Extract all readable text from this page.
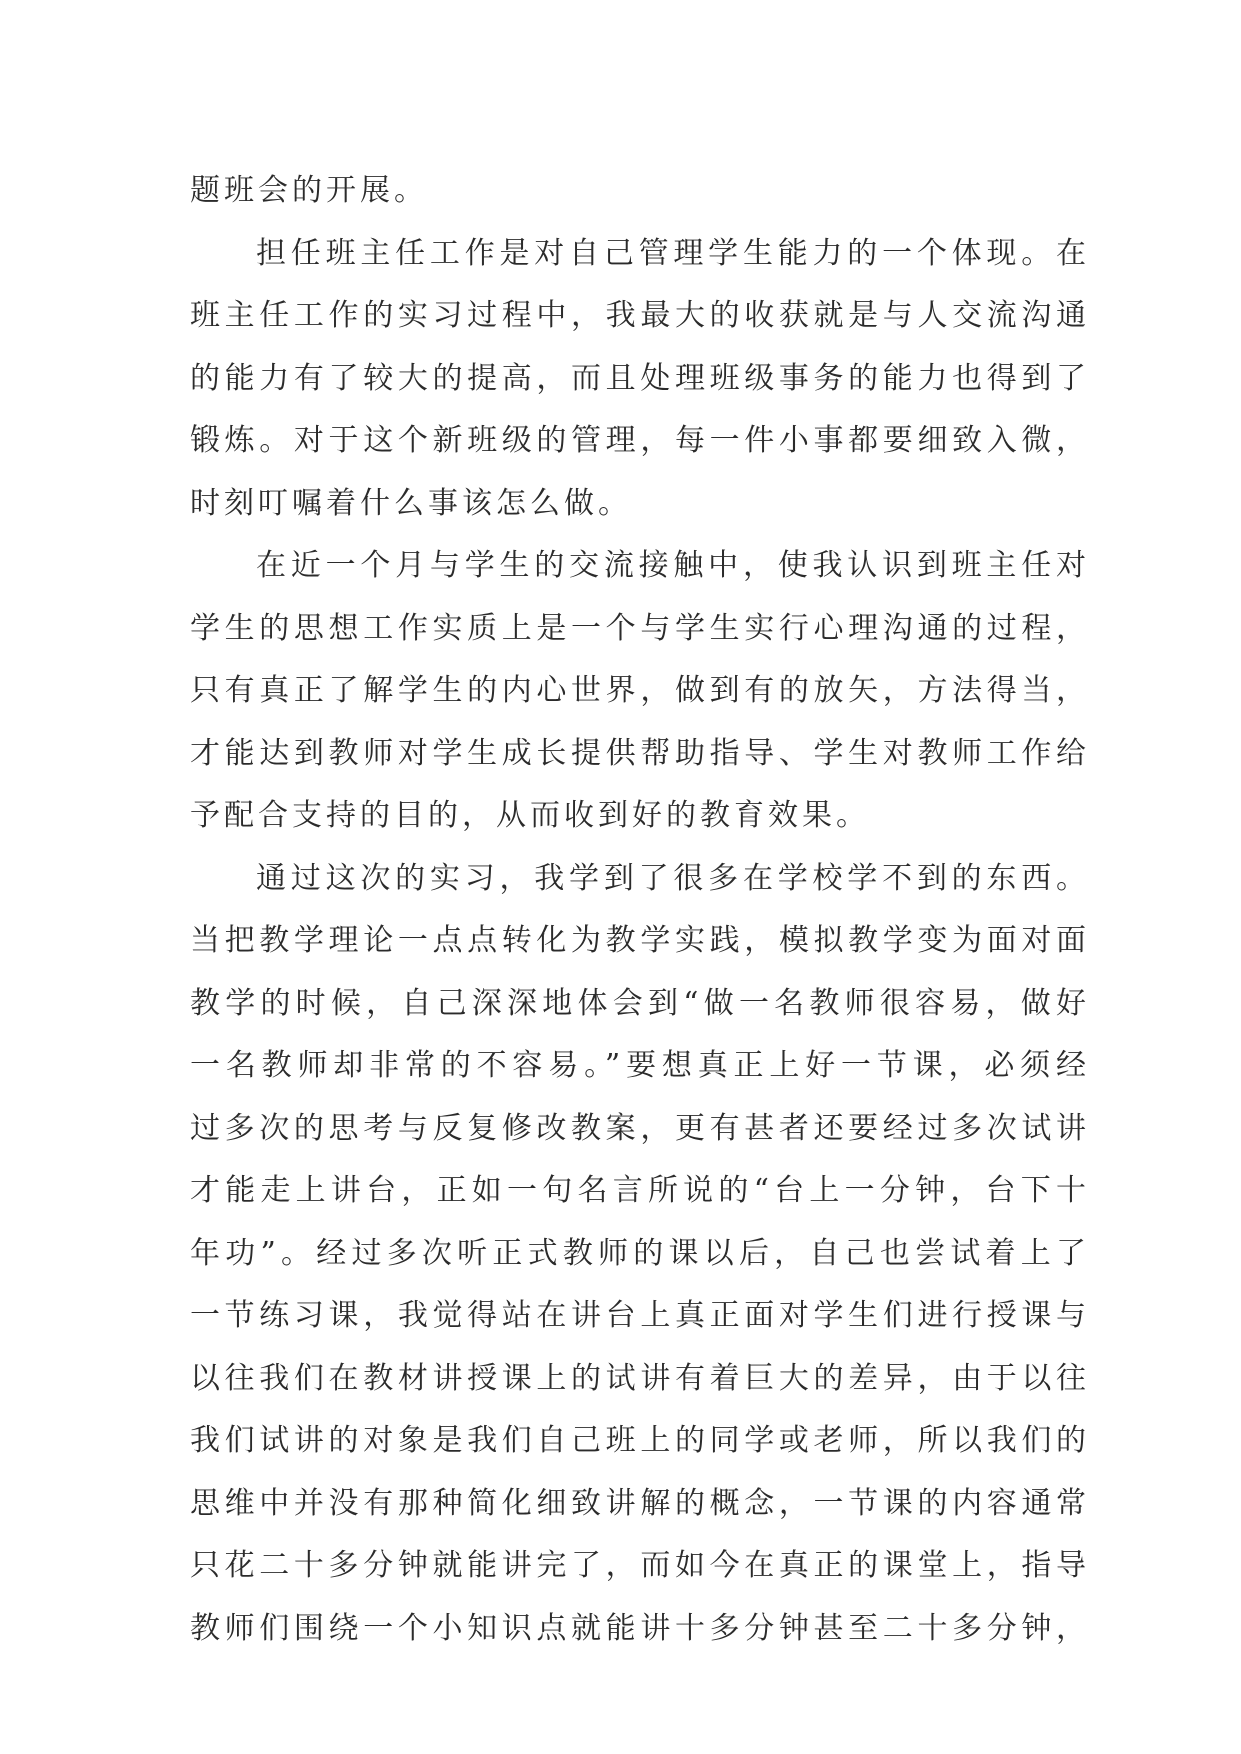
题班会的开展。
担任班主任工作是对自己管理学生能力的一个体现。在
班主任工作的实习过程中，我最大的收获就是与人交流沟通
的能力有了较大的提高，而且处理班级事务的能力也得到了
锻炼。对于这个新班级的管理，每一件小事都要细致入微，
时刻叮嘱着什么事该怎么做。
在近一个月与学生的交流接触中，使我认识到班主任对
学生的思想工作实质上是一个与学生实行心理沟通的过程，
只有真正了解学生的内心世界，做到有的放矢，方法得当，
才能达到教师对学生成长提供帮助指导、学生对教师工作给
予配合支持的目的，从而收到好的教育效果。
通过这次的实习，我学到了很多在学校学不到的东西。
当把教学理论一点点转化为教学实践，模拟教学变为面对面
教学的时候，自己深深地体会到“做一名教师很容易，做好
一名教师却非常的不容易。”要想真正上好一节课，必须经
过多次的思考与反复修改教案，更有甚者还要经过多次试讲
才能走上讲台，正如一句名言所说的“台上一分钟，台下十
年功”。经过多次听正式教师的课以后，自己也尝试着上了
一节练习课，我觉得站在讲台上真正面对学生们进行授课与
以往我们在教材讲授课上的试讲有着巨大的差异，由于以往
我们试讲的对象是我们自己班上的同学或老师，所以我们的
思维中并没有那种简化细致讲解的概念，一节课的内容通常
只花二十多分钟就能讲完了，而如今在真正的课堂上，指导
教师们围绕一个小知识点就能讲十多分钟甚至二十多分钟，
